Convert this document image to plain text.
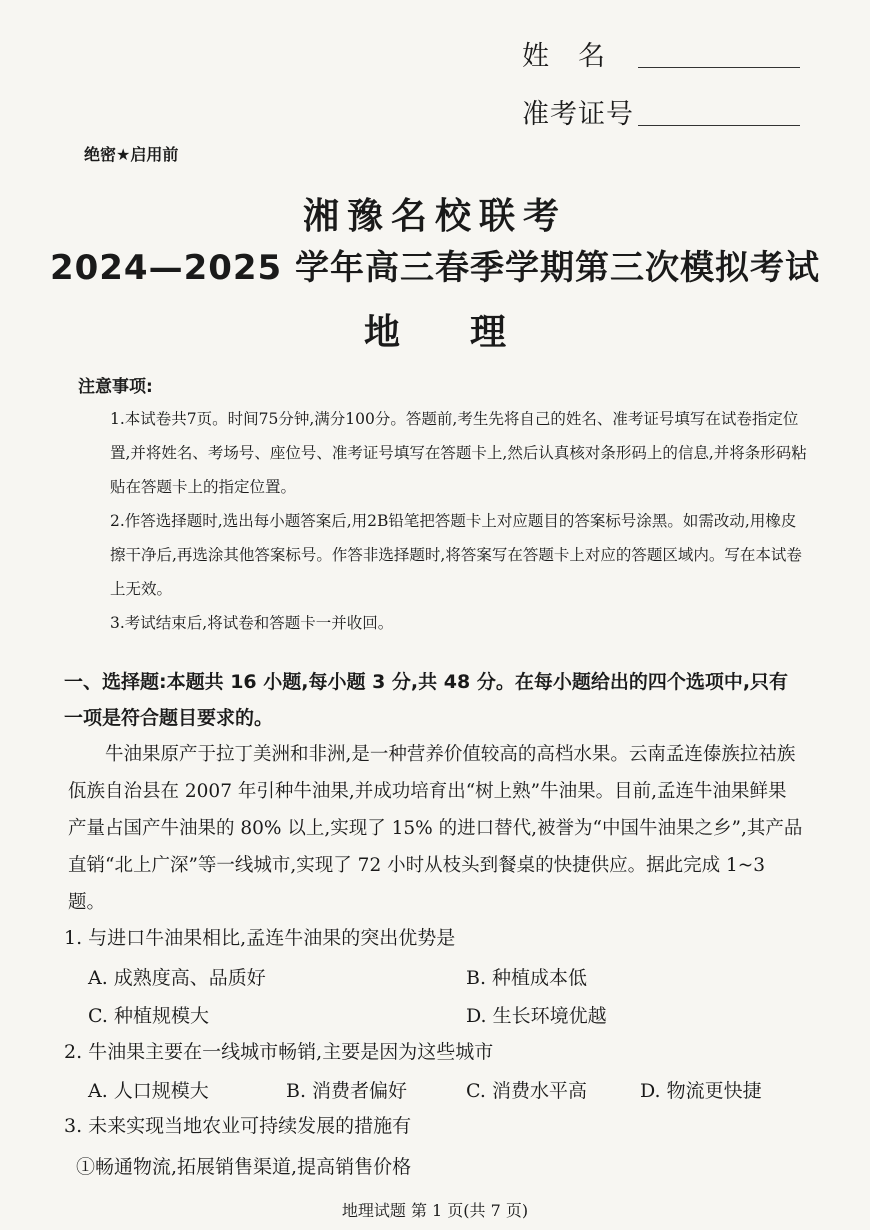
姓　名
准考证号
绝密★启用前
湘豫名校联考
2024—2025 学年高三春季学期第三次模拟考试
地理
注意事项:
1.本试卷共7页。时间75分钟,满分100分。答题前,考生先将自己的姓名、准考证号填写在试卷指定位置,并将姓名、考场号、座位号、准考证号填写在答题卡上,然后认真核对条形码上的信息,并将条形码粘贴在答题卡上的指定位置。
2.作答选择题时,选出每小题答案后,用2B铅笔把答题卡上对应题目的答案标号涂黑。如需改动,用橡皮擦干净后,再选涂其他答案标号。作答非选择题时,将答案写在答题卡上对应的答题区域内。写在本试卷上无效。
3.考试结束后,将试卷和答题卡一并收回。
一、选择题:本题共 16 小题,每小题 3 分,共 48 分。在每小题给出的四个选项中,只有一项是符合题目要求的。
牛油果原产于拉丁美洲和非洲,是一种营养价值较高的高档水果。云南孟连傣族拉祜族佤族自治县在 2007 年引种牛油果,并成功培育出“树上熟”牛油果。目前,孟连牛油果鲜果产量占国产牛油果的 80% 以上,实现了 15% 的进口替代,被誉为“中国牛油果之乡”,其产品直销“北上广深”等一线城市,实现了 72 小时从枝头到餐桌的快捷供应。据此完成 1~3 题。
1. 与进口牛油果相比,孟连牛油果的突出优势是
A. 成熟度高、品质好	B. 种植成本低
C. 种植规模大	D. 生长环境优越
2. 牛油果主要在一线城市畅销,主要是因为这些城市
A. 人口规模大	B. 消费者偏好	C. 消费水平高	D. 物流更快捷
3. 未来实现当地农业可持续发展的措施有
①畅通物流,拓展销售渠道,提高销售价格
地理试题 第 1 页(共 7 页)
